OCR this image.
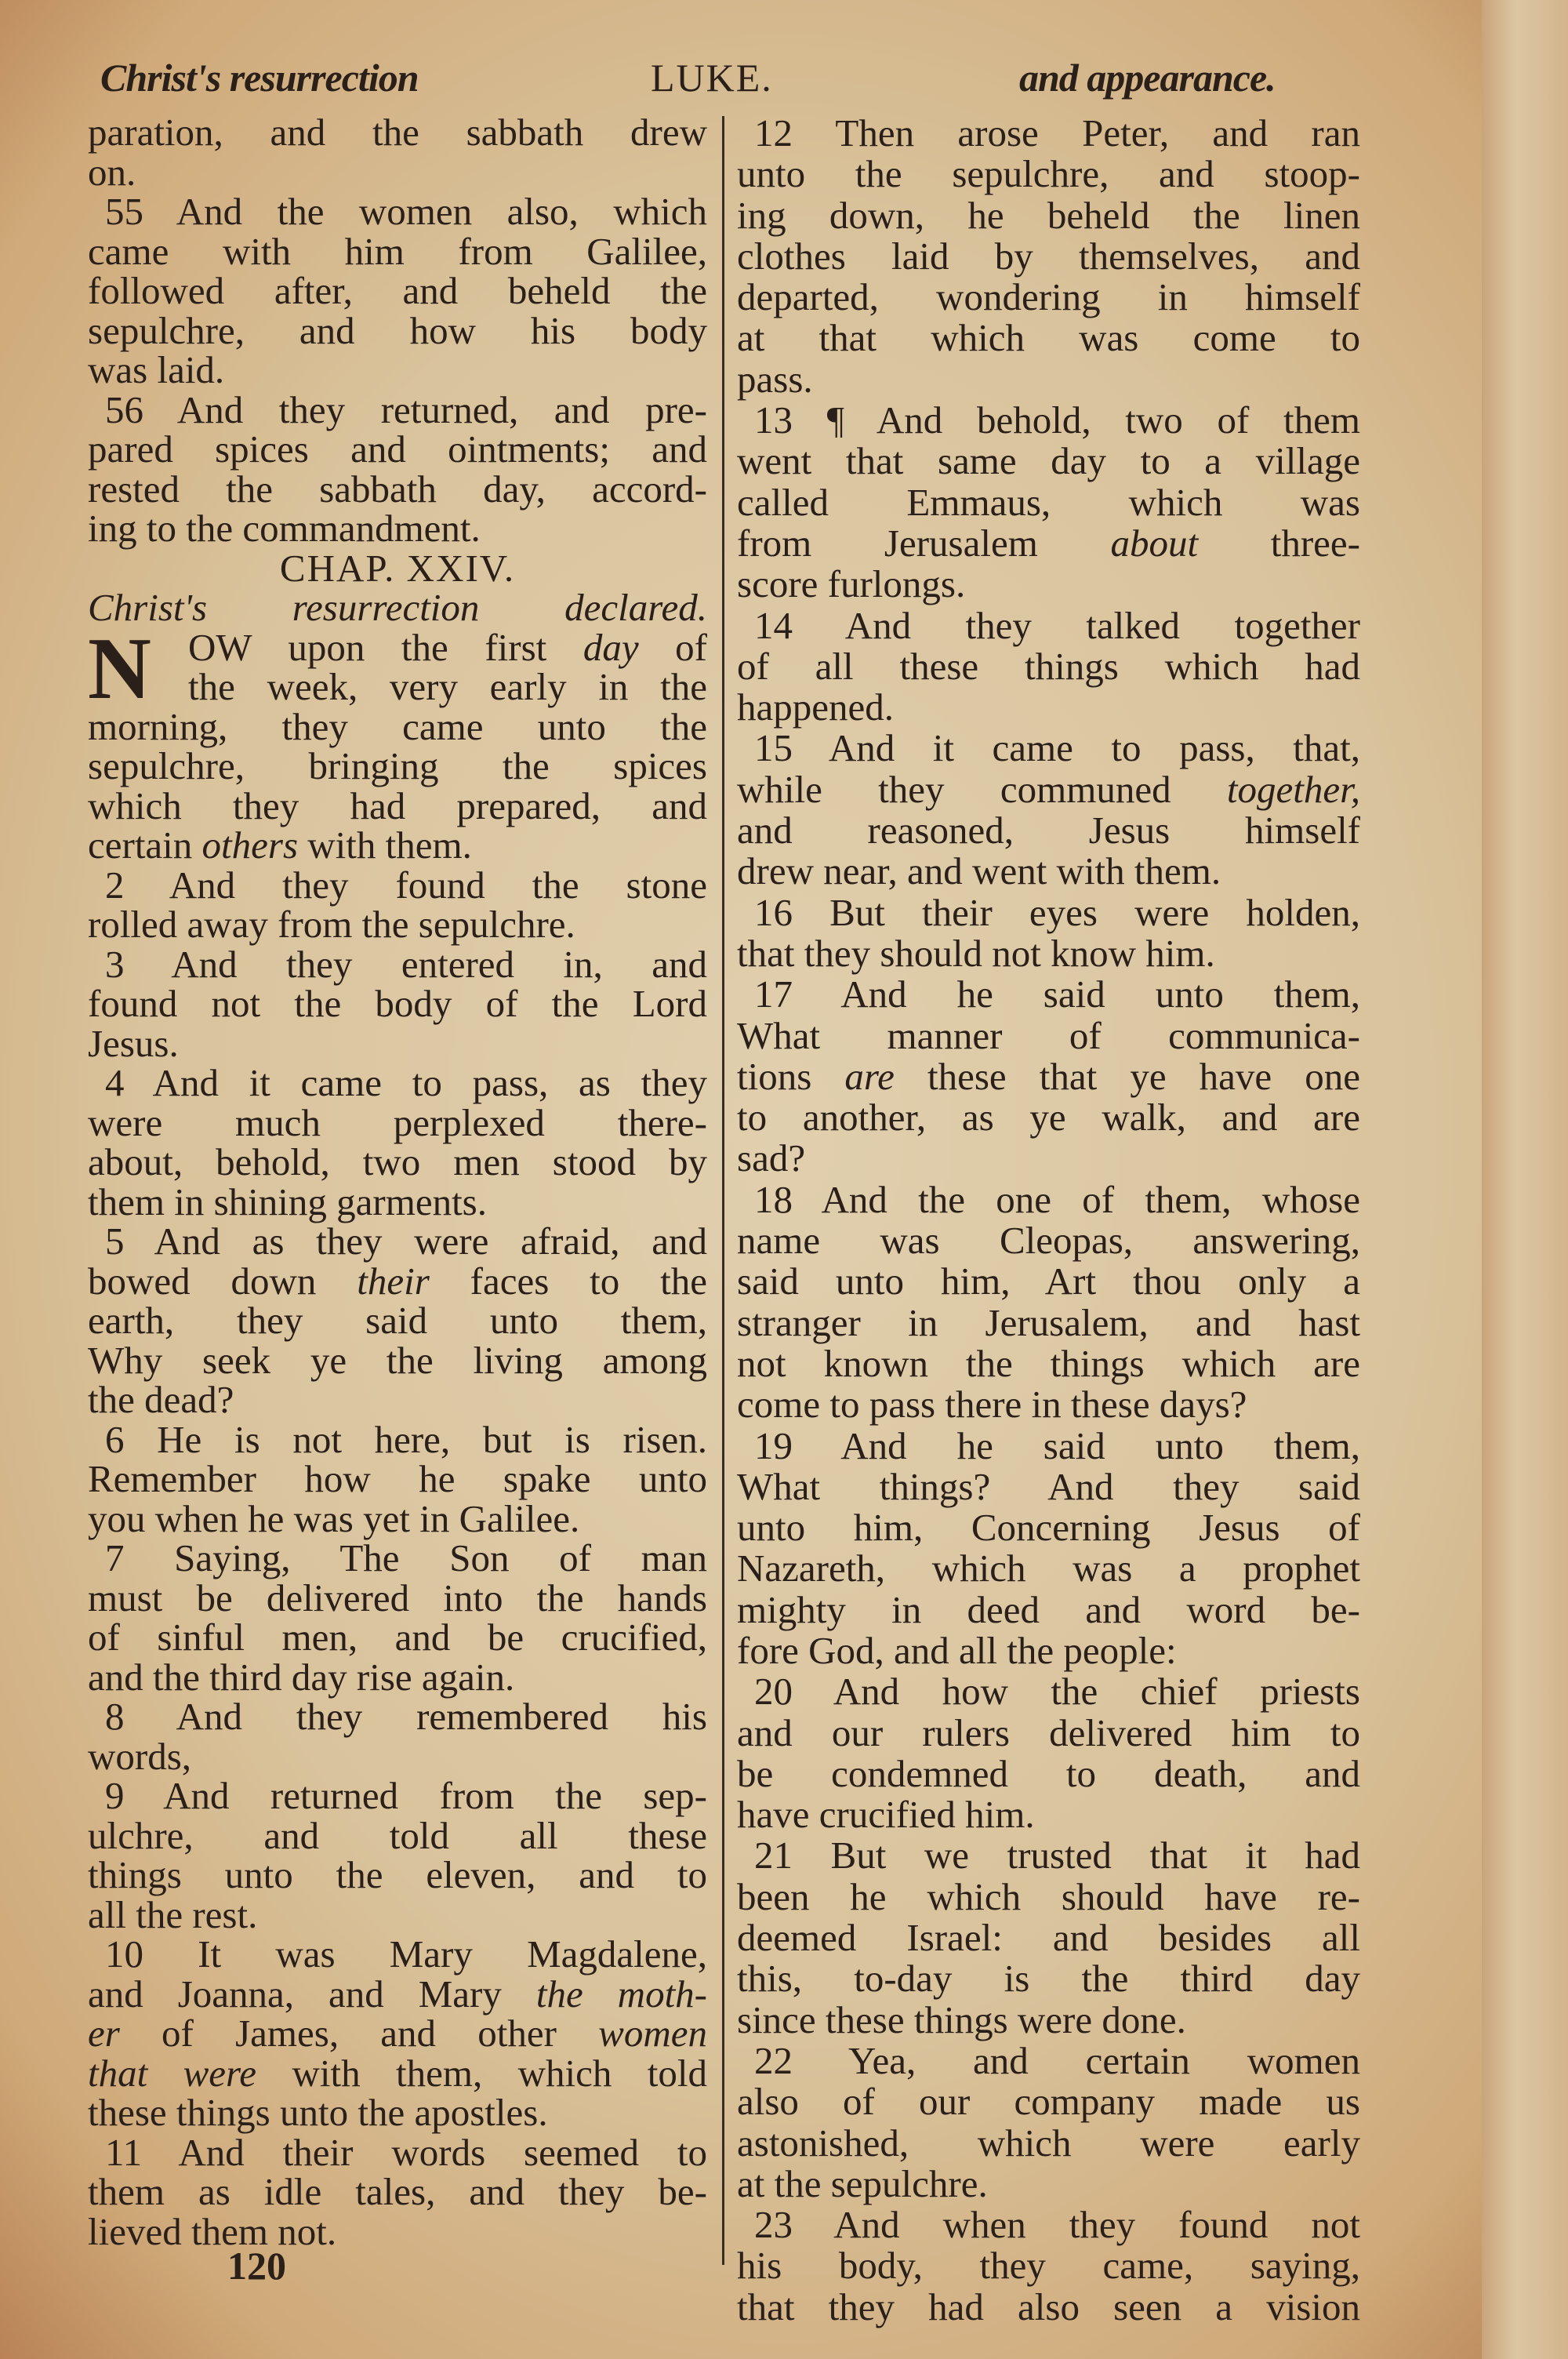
Christ's resurrection	LUKE.	and appearance.
paration, and the sabbath drew
on.
55 And the women also, which
came with him from Galilee,
followed after, and beheld the
sepulchre, and how his body
was laid.
56 And they returned, and pre-
pared spices and ointments; and
rested the sabbath day, accord-
ing to the commandment.
CHAP. XXIV.
Christ's resurrection declared.
N OW upon the first day of
the week, very early in the
morning, they came unto the
sepulchre, bringing the spices
which they had prepared, and
certain others with them.
2 And they found the stone
rolled away from the sepulchre.
3 And they entered in, and
found not the body of the Lord
Jesus.
4 And it came to pass, as they
were much perplexed there-
about, behold, two men stood by
them in shining garments.
5 And as they were afraid, and
bowed down their faces to the
earth, they said unto them,
Why seek ye the living among
the dead?
6 He is not here, but is risen.
Remember how he spake unto
you when he was yet in Galilee.
7 Saying, The Son of man
must be delivered into the hands
of sinful men, and be crucified,
and the third day rise again.
8 And they remembered his
words,
9 And returned from the sep-
ulchre, and told all these
things unto the eleven, and to
all the rest.
10 It was Mary Magdalene,
and Joanna, and Mary the moth-
er of James, and other women
that were with them, which told
these things unto the apostles.
11 And their words seemed to
them as idle tales, and they be-
lieved them not.
12 Then arose Peter, and ran
unto the sepulchre, and stoop-
ing down, he beheld the linen
clothes laid by themselves, and
departed, wondering in himself
at that which was come to
pass.
13 ¶ And behold, two of them
went that same day to a village
called Emmaus, which was
from Jerusalem about three-
score furlongs.
14 And they talked together
of all these things which had
happened.
15 And it came to pass, that,
while they communed together,
and reasoned, Jesus himself
drew near, and went with them.
16 But their eyes were holden,
that they should not know him.
17 And he said unto them,
What manner of communica-
tions are these that ye have one
to another, as ye walk, and are
sad?
18 And the one of them, whose
name was Cleopas, answering,
said unto him, Art thou only a
stranger in Jerusalem, and hast
not known the things which are
come to pass there in these days?
19 And he said unto them,
What things? And they said
unto him, Concerning Jesus of
Nazareth, which was a prophet
mighty in deed and word be-
fore God, and all the people:
20 And how the chief priests
and our rulers delivered him to
be condemned to death, and
have crucified him.
21 But we trusted that it had
been he which should have re-
deemed Israel: and besides all
this, to-day is the third day
since these things were done.
22 Yea, and certain women
also of our company made us
astonished, which were early
at the sepulchre.
23 And when they found not
his body, they came, saying,
that they had also seen a vision
120
